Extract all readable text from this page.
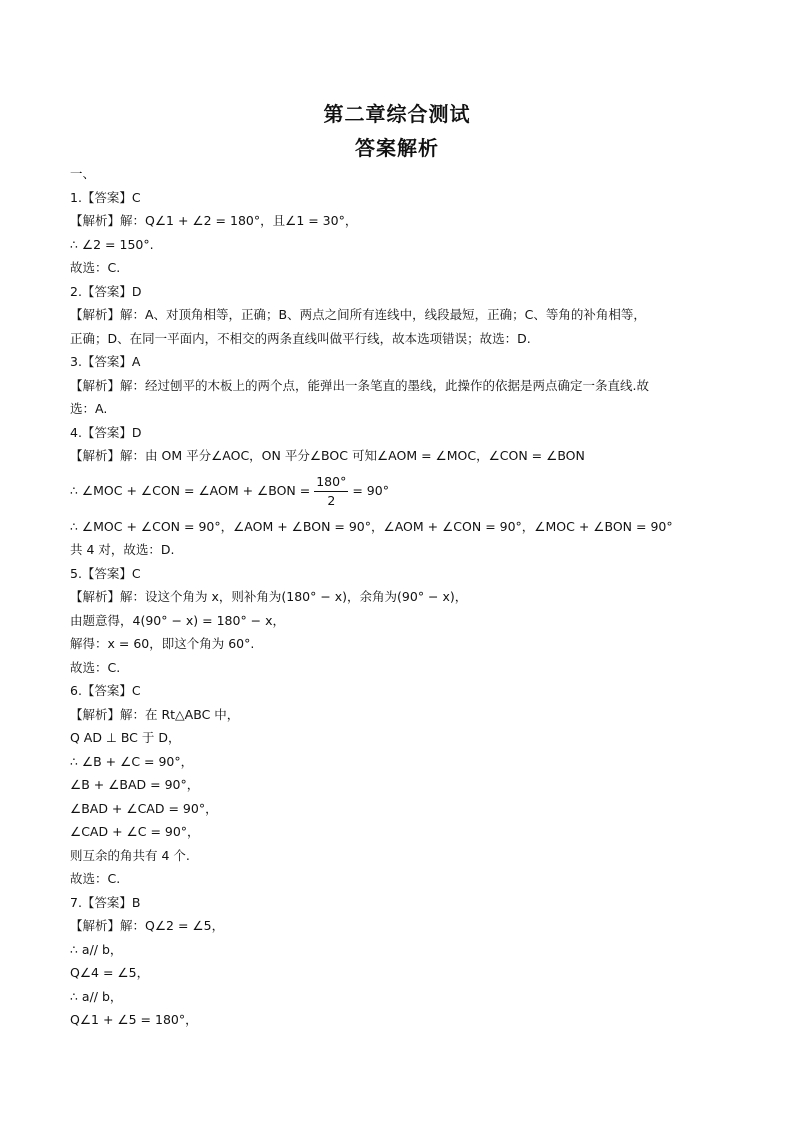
第二章综合测试
答案解析
一、
1.【答案】C
【解析】解：Q∠1 + ∠2 = 180°，且∠1 = 30°，
∴ ∠2 = 150°.
故选：C.
2.【答案】D
【解析】解：A、对顶角相等，正确；B、两点之间所有连线中，线段最短，正确；C、等角的补角相等，
正确；D、在同一平面内，不相交的两条直线叫做平行线，故本选项错误；故选：D.
3.【答案】A
【解析】解：经过刨平的木板上的两个点，能弹出一条笔直的墨线，此操作的依据是两点确定一条直线.故
选：A.
4.【答案】D
【解析】解：由 OM 平分∠AOC，ON 平分∠BOC 可知∠AOM = ∠MOC，∠CON = ∠BON
∴ ∠MOC + ∠CON = ∠AOM + ∠BON = $\frac{180^\circ}{2} = 90^\circ$
∴ ∠MOC + ∠CON = 90°，∠AOM + ∠BON = 90°，∠AOM + ∠CON = 90°，∠MOC + ∠BON = 90°
共 4 对，故选：D.
5.【答案】C
【解析】解：设这个角为 x，则补角为(180° − x)，余角为(90° − x)，
由题意得，4(90° − x) = 180° − x，
解得：x = 60，即这个角为 60°.
故选：C.
6.【答案】C
【解析】解：在 Rt△ABC 中，
Q AD ⊥ BC 于 D，
∴ ∠B + ∠C = 90°，
∠B + ∠BAD = 90°，
∠BAD + ∠CAD = 90°，
∠CAD + ∠C = 90°，
则互余的角共有 4 个.
故选：C.
7.【答案】B
【解析】解：Q∠2 = ∠5，
∴ a// b，
Q∠4 = ∠5，
∴ a// b，
Q∠1 + ∠5 = 180°，
